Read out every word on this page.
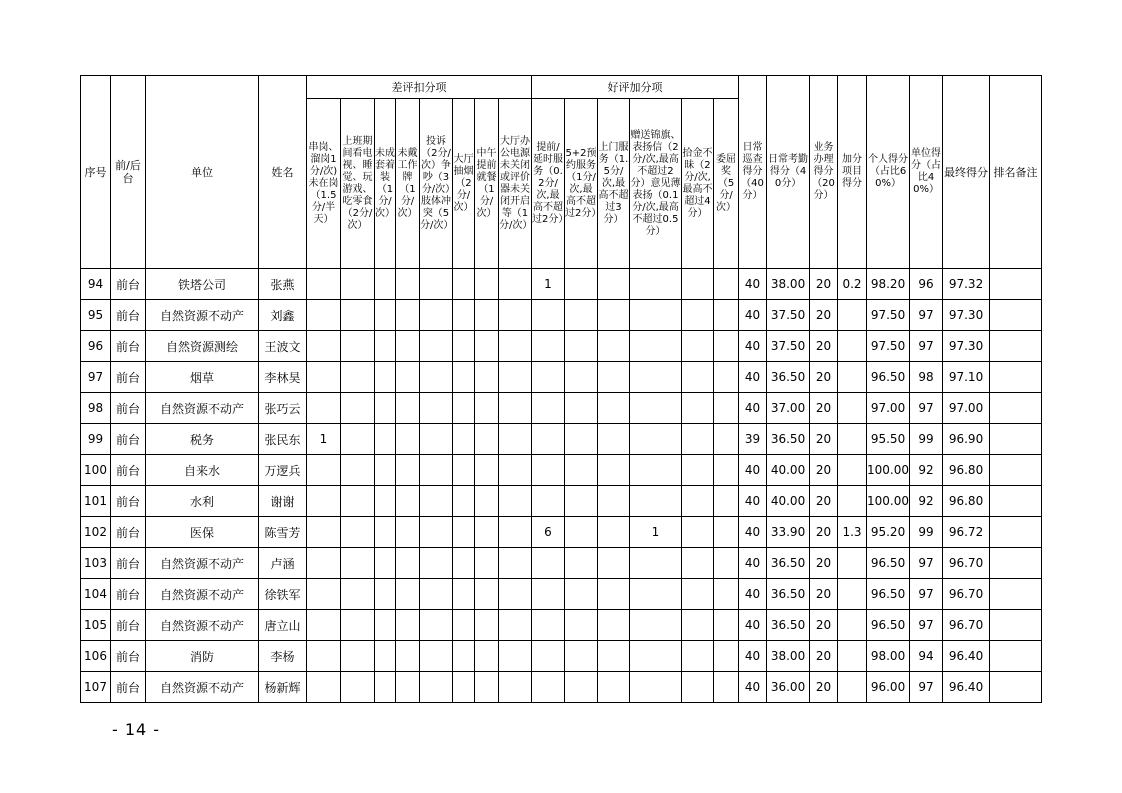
序号	前/后台	单位	姓名	差评扣分项								好评加分项						日常巡查得分（40分）	日常考勤得分（40分）	业务办理得分（20分）	加分项目得分	个人得分（占比60%）	单位得分（占比40%）	最终得分	排名备注
				串岗、溜岗1分/次)未在岗（1.5分/半天）	上班期间看电视、睡觉、玩游戏、吃零食（2分/次）	未成套着装（1分/次）	未戴工作牌（1分/次）	投诉（2分/次）争吵（3分/次）肢体冲突（5分/次）	大厅抽烟（2分/次）	中午提前就餐（1分/次）	大厅办公电源未关闭或评价器未关闭开启等（1分/次）	提前/延时服务（0.2分/次,最高不超过2分）	5+2预约服务（1分/次,最高不超过2分）	上门服务（1.5分/次,最高不超过3分）	赠送锦旗、表扬信（2分/次,最高不超过2分）意见薄表扬（0.1分/次,最高不超过0.5分）	拾金不昧（2分/次,最高不超过4分）	委屈奖（5分/次）								
94	前台	铁塔公司	张燕									1						40	38.00	20	0.2	98.20	96	97.32	
95	前台	自然资源不动产	刘鑫															40	37.50	20		97.50	97	97.30	
96	前台	自然资源测绘	王波文															40	37.50	20		97.50	97	97.30	
97	前台	烟草	李林昊															40	36.50	20		96.50	98	97.10	
98	前台	自然资源不动产	张巧云															40	37.00	20		97.00	97	97.00	
99	前台	税务	张民东	1														39	36.50	20		95.50	99	96.90	
100	前台	自来水	万逻兵															40	40.00	20		100.00	92	96.80	
101	前台	水利	谢谢															40	40.00	20		100.00	92	96.80	
102	前台	医保	陈雪芳									6			1			40	33.90	20	1.3	95.20	99	96.72	
103	前台	自然资源不动产	卢涵															40	36.50	20		96.50	97	96.70	
104	前台	自然资源不动产	徐铁军															40	36.50	20		96.50	97	96.70	
105	前台	自然资源不动产	唐立山															40	36.50	20		96.50	97	96.70	
106	前台	消防	李杨															40	38.00	20		98.00	94	96.40	
107	前台	自然资源不动产	杨新辉															40	36.00	20		96.00	97	96.40	
- 14 -
